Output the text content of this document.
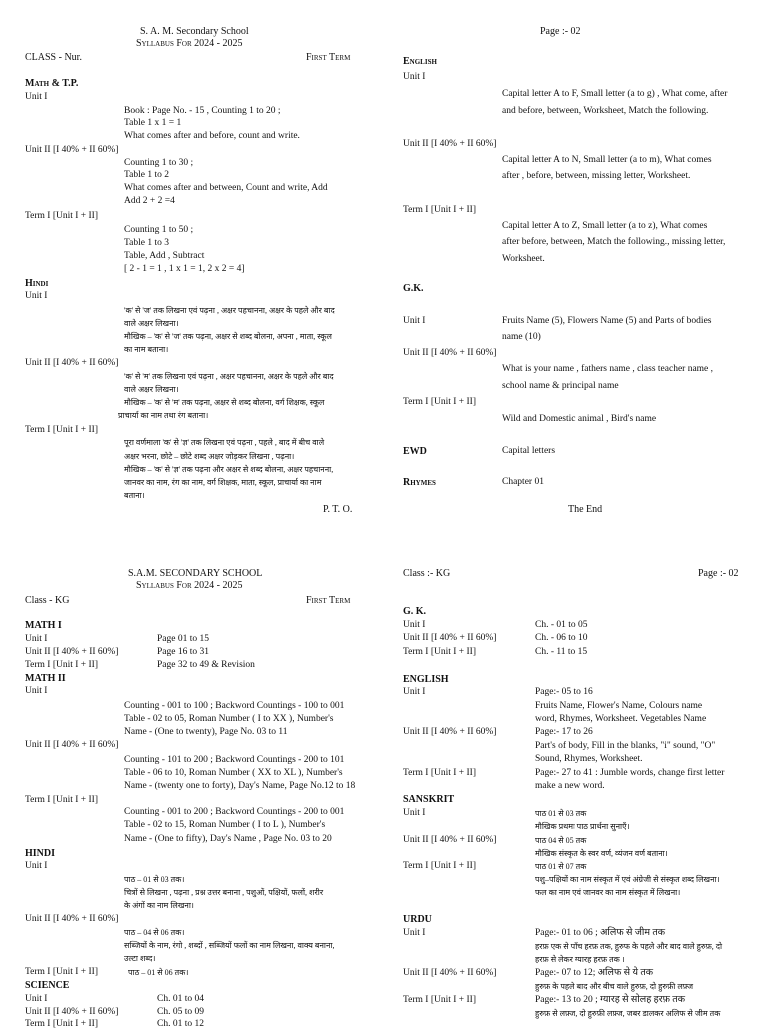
S. A. M. Secondary School
Syllabus For 2024 - 2025
CLASS - Nur.	First Term
Math & T.P.
Unit I
Book : Page No. - 15 , Counting 1 to 20 ;
Table 1 x 1 = 1
What comes after and before, count and write.
Unit II [I 40% + II 60%]
Counting 1 to 30 ;
Table 1 to 2
What comes after and between, Count and write, Add
Add 2 + 2 =4
Term I [Unit I + II]
Counting 1 to 50 ;
Table 1 to 3
Table, Add , Subtract
[ 2 - 1 = 1 , 1 x 1 = 1, 2 x 2 = 4]
Hindi
Unit I
'क' से 'ज' तक लिखना एवं पढ़ना , अक्षर पहचानना, अक्षर के पहले और बाद
वाले अक्षर लिखना।
मौखिक – 'क' से 'ज' तक पढ़ना, अक्षर से शब्द बोलना, अपना , माता, स्कूल
का नाम बताना।
Unit II [I 40% + II 60%]
'क' से 'म' तक लिखना एवं पढ़ना , अक्षर पहचानना, अक्षर के पहले और बाद
वाले अक्षर लिखना।
मौखिक – 'क' से 'म' तक पढ़ना, अक्षर से शब्द बोलना, वर्ग शिक्षक, स्कूल
प्राचार्या का नाम तथा रंग बताना।
Term I [Unit I + II]
पूरा वर्णमाला 'क' से 'ज्ञ' तक लिखना एवं पढ़ना , पहले , बाद में बीच वाले
अक्षर भरना, छोटे – छोटे शब्द अक्षर जोड़कर लिखना , पढ़ना।
मौखिक – 'क' से 'ज्ञ' तक पढ़ना और अक्षर से शब्द बोलना, अक्षर पहचानना,
जानवर का नाम, रंग का नाम, वर्ग शिक्षक, माता, स्कूल, प्राचार्या का नाम
बताना।
P. T. O.
Page :- 02
English
Unit I
Capital letter A to F, Small letter (a to g) , What come, after
and before, between, Worksheet, Match the following.
Unit II [I 40% + II 60%]
Capital letter A to N, Small letter (a to m), What comes
after , before, between, missing letter, Worksheet.
Term I [Unit I + II]
Capital letter A to Z, Small letter (a to z), What comes
after before, between, Match the following., missing letter,
Worksheet.
G.K.
Unit I	Fruits Name (5), Flowers Name (5) and Parts of bodies
name (10)
Unit II [I 40% + II 60%]
What is your name , fathers name , class teacher name ,
school name & principal name
Term I [Unit I + II]
Wild and Domestic animal , Bird's name
EWD	Capital letters
Rhymes	Chapter 01
The End
S.A.M. SECONDARY SCHOOL
Syllabus For 2024 - 2025
Class - KG	First Term
MATH I
Unit I	Page 01 to 15
Unit II [I 40% + II 60%]	Page 16 to 31
Term I [Unit I + II]	Page 32 to 49 & Revision
MATH II
Unit I
Counting - 001 to 100 ; Backword Countings - 100 to 001
Table - 02 to 05, Roman Number ( I to XX ), Number's
Name - (One to twenty), Page No. 03 to 11
Unit II [I 40% + II 60%]
Counting - 101 to 200 ; Backword Countings - 200 to 101
Table - 06 to 10, Roman Number ( XX to XL ), Number's
Name - (twenty one to forty), Day's Name, Page No.12 to 18
Term I [Unit I + II]
Counting - 001 to 200 ; Backword Countings - 200 to 001
Table - 02 to 15, Roman Number ( I to L ), Number's
Name - (One to fifty), Day's Name , Page No. 03 to 20
HINDI
Unit I
पाठ – 01 से 03 तक।
चित्रों से लिखना , पढ़ना , प्रश्न उत्तर बनाना , पशुओं, पक्षियों, फलों, शरीर
के अंगों का नाम लिखना।
Unit II [I 40% + II 60%]
पाठ – 04 से 06 तक।
सब्जियों के नाम, रंगो , शब्दों , सब्जियों फलों का नाम लिखना, वाक्य बनाना,
उल्टा शब्द।
Term I [Unit I + II]	पाठ – 01 से 06 तक।
SCIENCE
Unit I	Ch. 01 to 04
Unit II [I 40% + II 60%]	Ch. 05 to 09
Term I [Unit I + II]	Ch. 01 to 12
Class :- KG	Page :- 02
G. K.
Unit I	Ch. - 01 to 05
Unit II [I 40% + II 60%]	Ch. - 06 to 10
Term I [Unit I + II]	Ch. - 11 to 15
ENGLISH
Unit I	Page:- 05 to 16
Fruits Name, Flower's Name, Colours name
word, Rhymes, Worksheet. Vegetables Name
Unit II [I 40% + II 60%]	Page:- 17 to 26
Part's of body, Fill in the blanks, "i" sound, "O"
Sound, Rhymes, Worksheet.
Term I [Unit I + II]	Page:- 27 to 41 : Jumble words, change first letter
make a new word.
SANSKRIT
Unit I	पाठ 01 से 03 तक
मौखिक प्रथमः पाठ प्रार्थना सुनाएँ।
Unit II [I 40% + II 60%]	पाठ 04 से 05 तक
मौखिक संस्कृत के स्वर वर्ण, व्यंजन वर्ण बताना।
Term I [Unit I + II]	पाठ 01 से 07 तक
पशु–पक्षियों का नाम संस्कृत में एवं अंग्रेजी से संस्कृत शब्द लिखना।
फल का नाम एवं जानवर का नाम संस्कृत में लिखना।
URDU
Unit I	Page:- 01 to 06 ; अलिफ से जीम तक
हरफ़ एक से पाँच हरफ़ तक, हुरुफ के पहले और बाद वाले हुरुफ़, दो
हरफ़ से लेकर ग्यारह हरफ़ तक ।
Unit II [I 40% + II 60%]	Page:- 07 to 12; अलिफ से ये तक
हुरुफ़ के पहले बाद और बीच वाले हुरुफ़, दो हुरुफ़ी लफ़्ज
Term I [Unit I + II]	Page:- 13 to 20 ; ग्यारह से सोलह हरफ़ तक
हुरुफ़ से लफ़्ज, दो हुरुफ़ी लफ़्ज, जबर डालकर अलिफ से जीम तक
